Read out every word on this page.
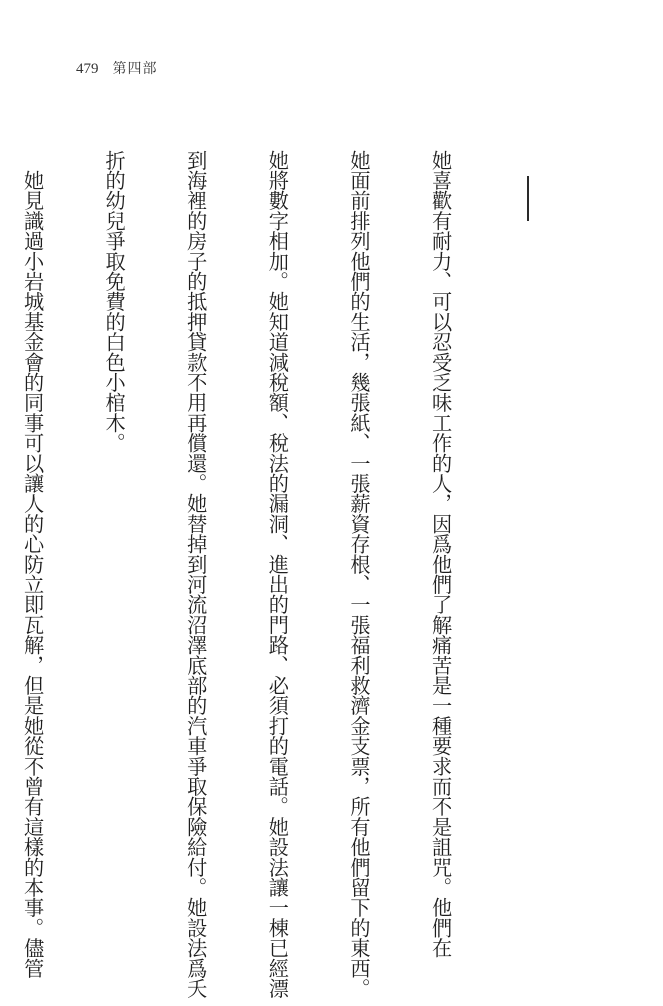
479 第四部

她喜歡有耐力、可以忍受乏味工作的人，因爲他們了解痛苦是一種要求而不是詛咒。他們在

她面前排列他們的生活，幾張紙、一張薪資存根、一張福利救濟金支票，所有他們留下的東西。

她將數字相加。她知道減稅額、稅法的漏洞、進出的門路、必須打的電話。她設法讓一棟已經漂

到海裡的房子的抵押貸款不用再償還。她替掉到河流沼澤底部的汽車爭取保險給付。她設法爲夭

折的幼兒爭取免費的白色小棺木。

　她見識過小岩城基金會的同事可以讓人的心防立即瓦解，但是她從不曾有這樣的本事。儘管
